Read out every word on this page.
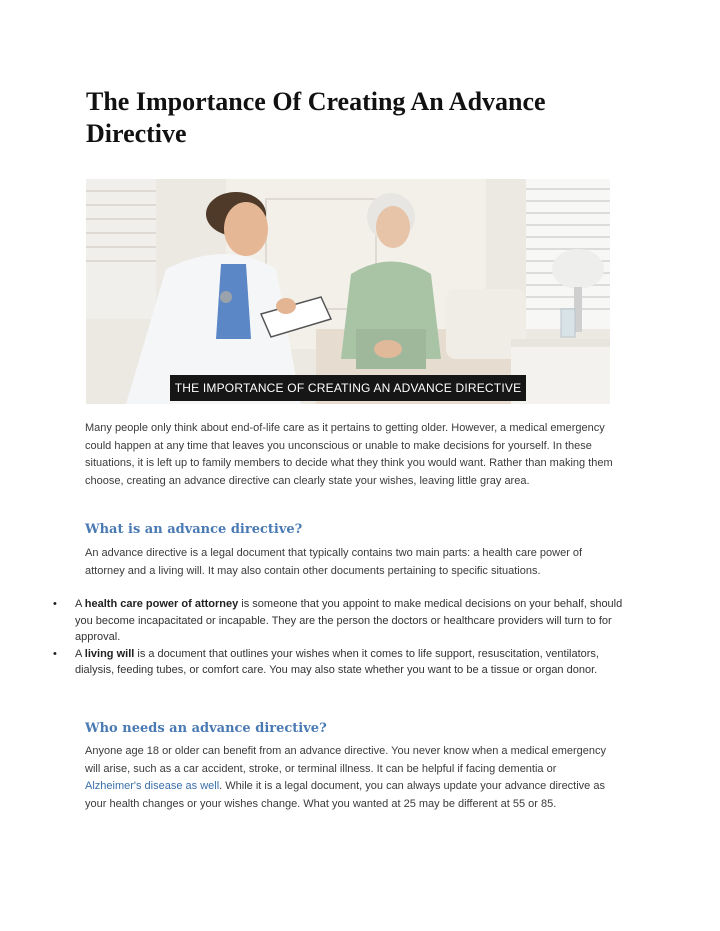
The Importance Of Creating An Advance Directive
THE IMPORTANCE OF CREATING AN ADVANCE DIRECTIVE

Many people only think about end-of-life care as it pertains to getting older. However, a medical emergency could happen at any time that leaves you unconscious or unable to make decisions for yourself. In these situations, it is left up to family members to decide what they think you would want. Rather than making them choose, creating an advance directive can clearly state your wishes, leaving little gray area.

What is an advance directive?

An advance directive is a legal document that typically contains two main parts: a health care power of attorney and a living will. It may also contain other documents pertaining to specific situations.

• A health care power of attorney is someone that you appoint to make medical decisions on your behalf, should you become incapacitated or incapable. They are the person the doctors or healthcare providers will turn to for approval.
• A living will is a document that outlines your wishes when it comes to life support, resuscitation, ventilators, dialysis, feeding tubes, or comfort care. You may also state whether you want to be a tissue or organ donor.
Who needs an advance directive?

Anyone age 18 or older can benefit from an advance directive. You never know when a medical emergency will arise, such as a car accident, stroke, or terminal illness. It can be helpful if facing dementia or Alzheimer's disease as well. While it is a legal document, you can always update your advance directive as your health changes or your wishes change. What you wanted at 25 may be different at 55 or 85.
